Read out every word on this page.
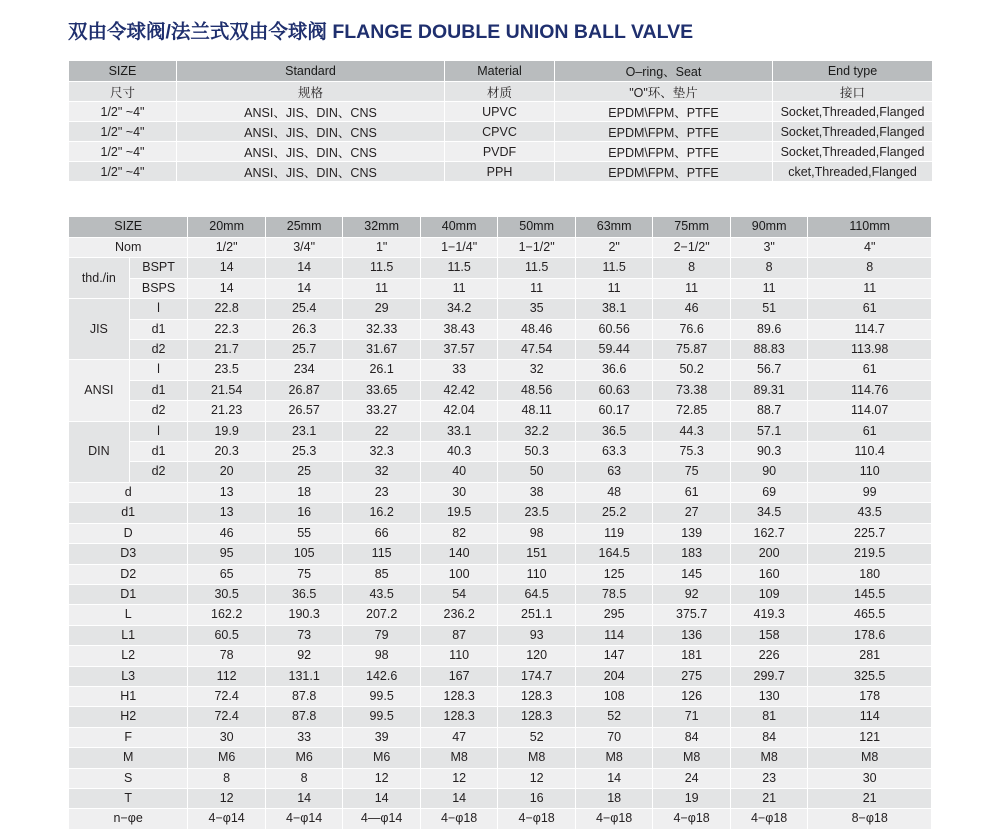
双由令球阀/法兰式双由令球阀 FLANGE DOUBLE UNION BALL VALVE
SIZE	Standard	Material	O–ring、Seat	End type
尺寸	规格	材质	"O"环、垫片	接口
1/2" ~4"	ANSI、JIS、DIN、CNS	UPVC	EPDM\FPM、PTFE	Socket,Threaded,Flanged
1/2" ~4"	ANSI、JIS、DIN、CNS	CPVC	EPDM\FPM、PTFE	Socket,Threaded,Flanged
1/2" ~4"	ANSI、JIS、DIN、CNS	PVDF	EPDM\FPM、PTFE	Socket,Threaded,Flanged
1/2" ~4"	ANSI、JIS、DIN、CNS	PPH	EPDM\FPM、PTFE	cket,Threaded,Flanged
SIZE		20mm	25mm	32mm	40mm	50mm	63mm	75mm	90mm	110mm
Nom		1/2"	3/4"	1"	1−1/4"	1−1/2"	2"	2−1/2"	3"	4"
thd./in	BSPT	14	14	11.5	11.5	11.5	11.5	8	8	8
	BSPS	14	14	11	11	11	11	11	11	11
JIS	l	22.8	25.4	29	34.2	35	38.1	46	51	61
	d1	22.3	26.3	32.33	38.43	48.46	60.56	76.6	89.6	114.7
	d2	21.7	25.7	31.67	37.57	47.54	59.44	75.87	88.83	113.98
ANSI	l	23.5	234	26.1	33	32	36.6	50.2	56.7	61
	d1	21.54	26.87	33.65	42.42	48.56	60.63	73.38	89.31	114.76
	d2	21.23	26.57	33.27	42.04	48.11	60.17	72.85	88.7	114.07
DIN	l	19.9	23.1	22	33.1	32.2	36.5	44.3	57.1	61
	d1	20.3	25.3	32.3	40.3	50.3	63.3	75.3	90.3	110.4
	d2	20	25	32	40	50	63	75	90	110
d		13	18	23	30	38	48	61	69	99
d1		13	16	16.2	19.5	23.5	25.2	27	34.5	43.5
D		46	55	66	82	98	119	139	162.7	225.7
D3		95	105	115	140	151	164.5	183	200	219.5
D2		65	75	85	100	110	125	145	160	180
D1		30.5	36.5	43.5	54	64.5	78.5	92	109	145.5
L		162.2	190.3	207.2	236.2	251.1	295	375.7	419.3	465.5
L1		60.5	73	79	87	93	114	136	158	178.6
L2		78	92	98	110	120	147	181	226	281
L3		112	131.1	142.6	167	174.7	204	275	299.7	325.5
H1		72.4	87.8	99.5	128.3	128.3	108	126	130	178
H2		72.4	87.8	99.5	128.3	128.3	52	71	81	114
F		30	33	39	47	52	70	84	84	121
M		M6	M6	M6	M8	M8	M8	M8	M8	M8
S		8	8	12	12	12	14	24	23	30
T		12	14	14	14	16	18	19	21	21
n−φe		4−φ14	4−φ14	4—φ14	4−φ18	4−φ18	4−φ18	4−φ18	4−φ18	8−φ18
